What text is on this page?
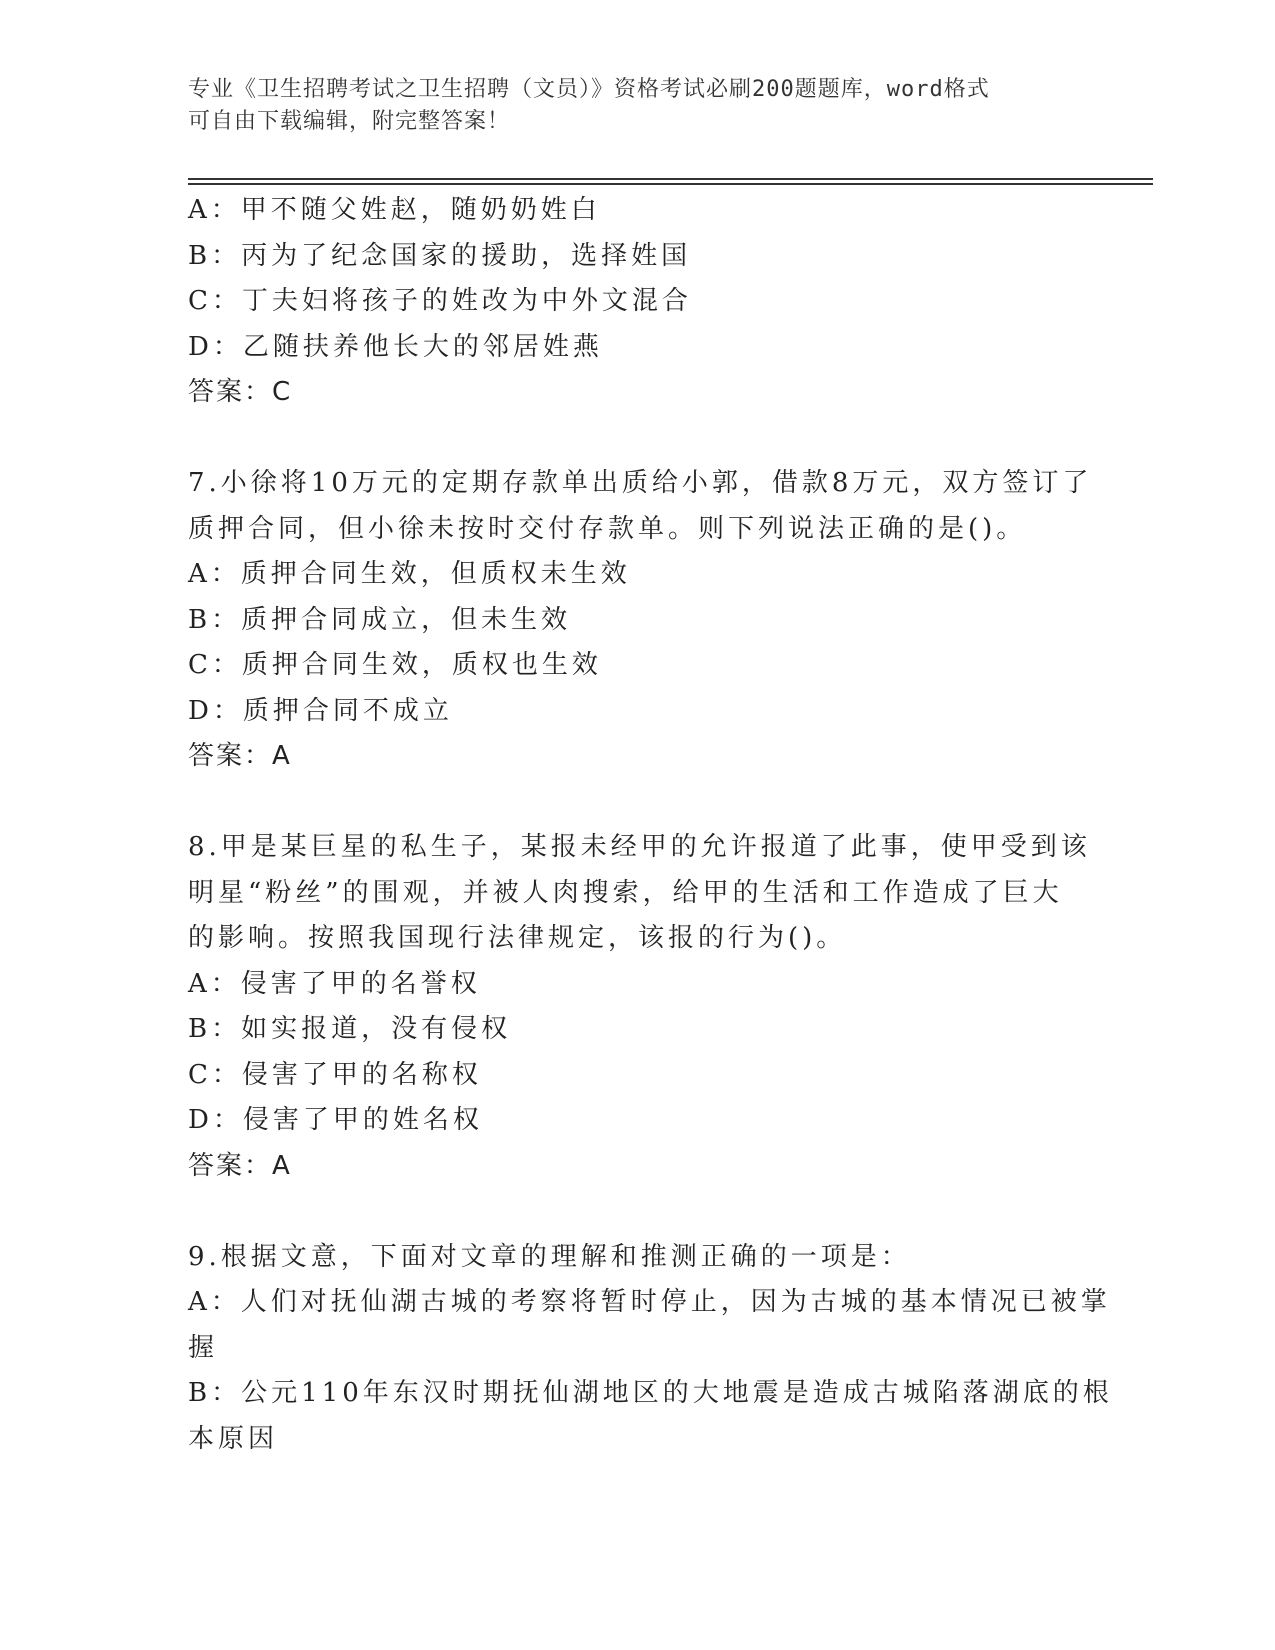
专业《卫生招聘考试之卫生招聘（文员）》资格考试必刷200题题库，word格式
可自由下载编辑，附完整答案！
A：甲不随父姓赵，随奶奶姓白
B：丙为了纪念国家的援助，选择姓国
C：丁夫妇将孩子的姓改为中外文混合
D：乙随扶养他长大的邻居姓燕
答案：C
7.小徐将10万元的定期存款单出质给小郭，借款8万元，双方签订了
质押合同，但小徐未按时交付存款单。则下列说法正确的是()。
A：质押合同生效，但质权未生效
B：质押合同成立，但未生效
C：质押合同生效，质权也生效
D：质押合同不成立
答案：A
8.甲是某巨星的私生子，某报未经甲的允许报道了此事，使甲受到该
明星“粉丝”的围观，并被人肉搜索，给甲的生活和工作造成了巨大
的影响。按照我国现行法律规定，该报的行为()。
A：侵害了甲的名誉权
B：如实报道，没有侵权
C：侵害了甲的名称权
D：侵害了甲的姓名权
答案：A
9.根据文意，下面对文章的理解和推测正确的一项是：
A：人们对抚仙湖古城的考察将暂时停止，因为古城的基本情况已被掌
握
B：公元110年东汉时期抚仙湖地区的大地震是造成古城陷落湖底的根
本原因
